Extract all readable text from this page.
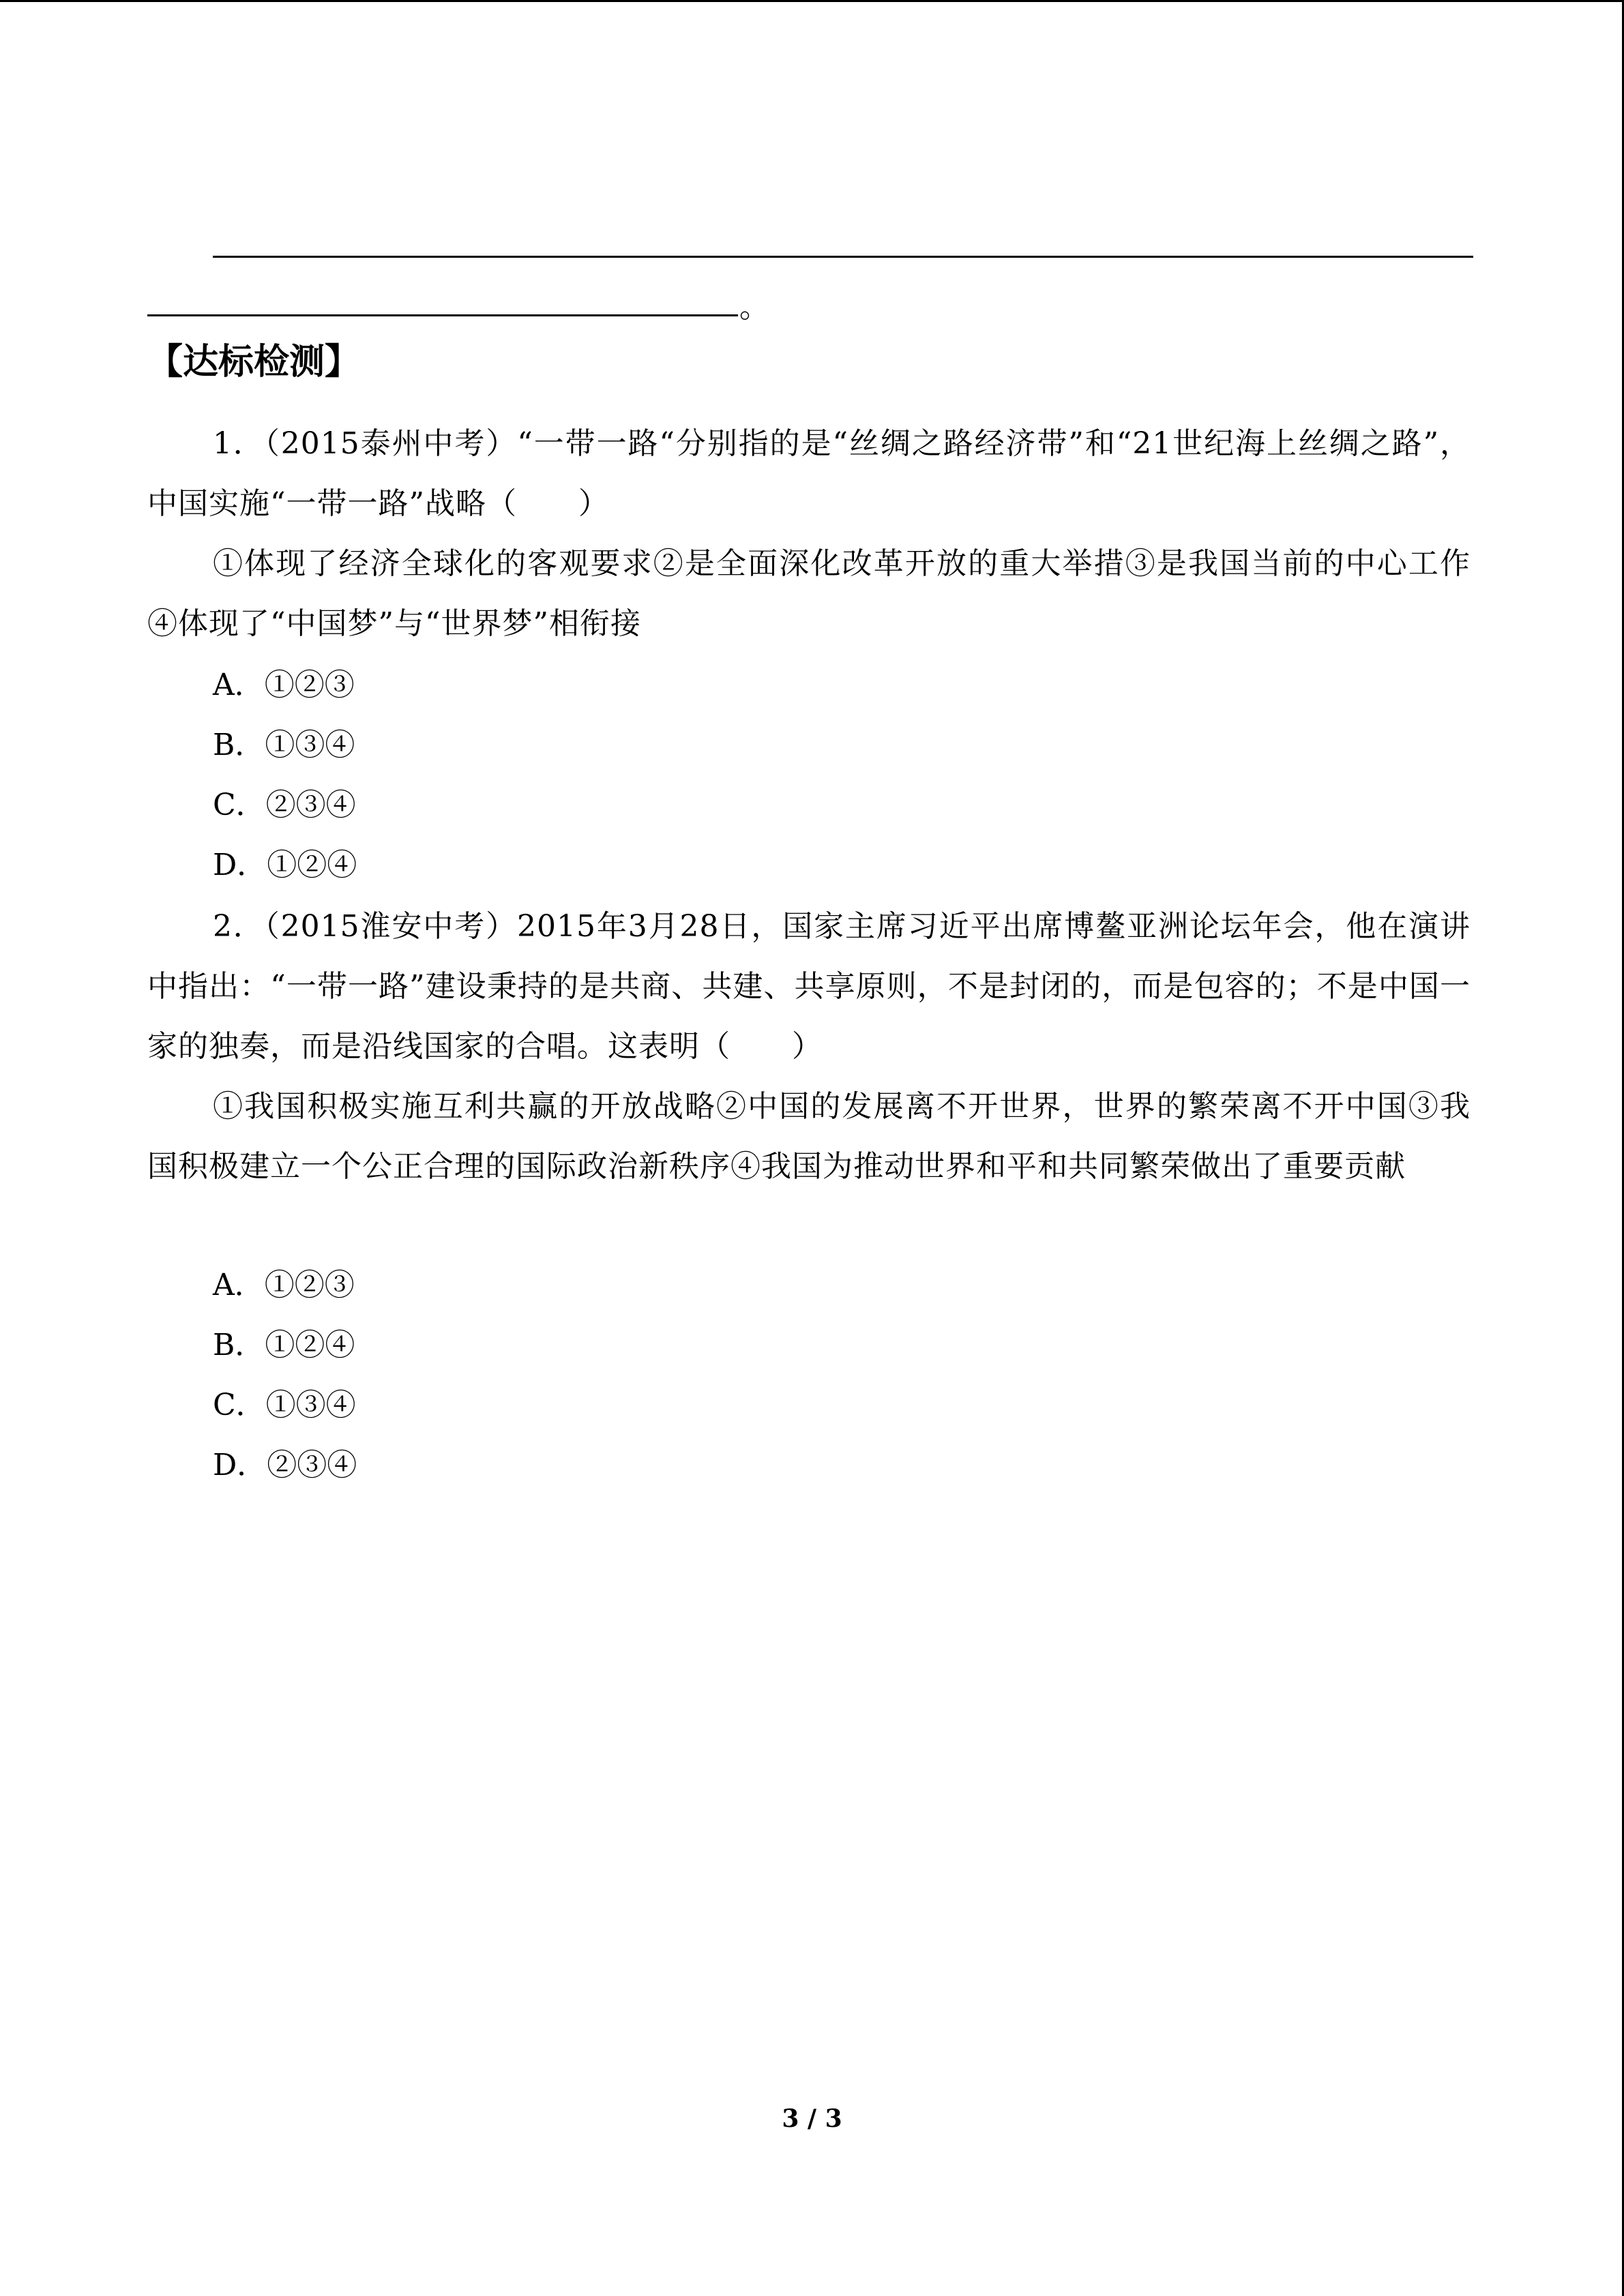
。
【达标检测】
1．（2015泰州中考）“一带一路“分别指的是“丝绸之路经济带”和“21世纪海上丝绸之路”，中国实施“一带一路”战略（　　）
①体现了经济全球化的客观要求②是全面深化改革开放的重大举措③是我国当前的中心工作④体现了“中国梦”与“世界梦”相衔接
A．①②③
B．①③④
C．②③④
D．①②④
2．（2015淮安中考）2015年3月28日，国家主席习近平出席博鳌亚洲论坛年会，他在演讲中指出：“一带一路”建设秉持的是共商、共建、共享原则，不是封闭的，而是包容的；不是中国一家的独奏，而是沿线国家的合唱。这表明（　　）
①我国积极实施互利共赢的开放战略②中国的发展离不开世界，世界的繁荣离不开中国③我国积极建立一个公正合理的国际政治新秩序④我国为推动世界和平和共同繁荣做出了重要贡献
A．①②③
B．①②④
C．①③④
D．②③④
3 / 3
